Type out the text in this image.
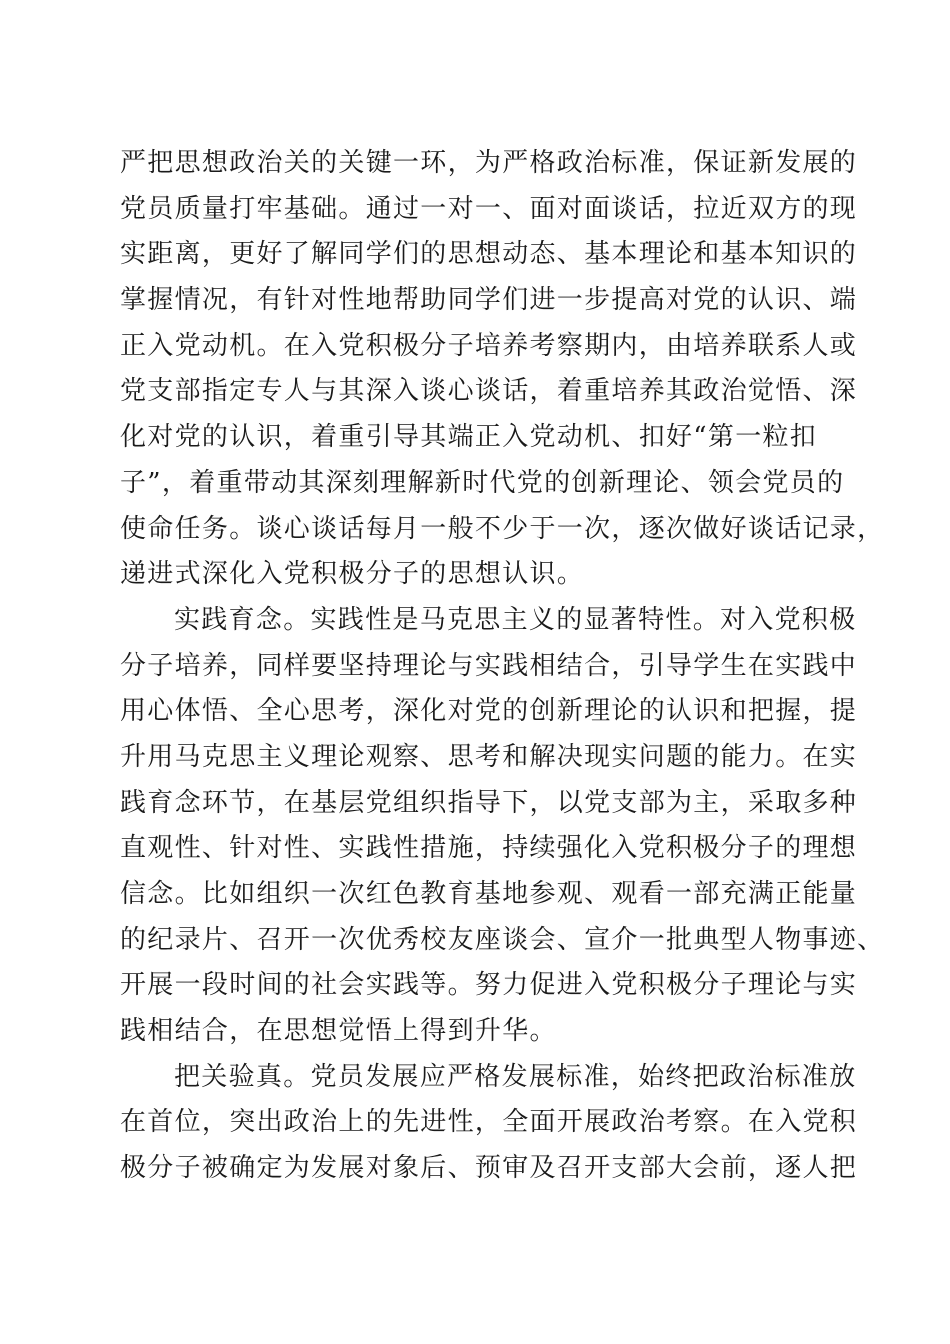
严把思想政治关的关键一环，为严格政治标准，保证新发展的
党员质量打牢基础。通过一对一、面对面谈话，拉近双方的现
实距离，更好了解同学们的思想动态、基本理论和基本知识的
掌握情况，有针对性地帮助同学们进一步提高对党的认识、端
正入党动机。在入党积极分子培养考察期内，由培养联系人或
党支部指定专人与其深入谈心谈话，着重培养其政治觉悟、深
化对党的认识，着重引导其端正入党动机、扣好“第一粒扣
子”，着重带动其深刻理解新时代党的创新理论、领会党员的
使命任务。谈心谈话每月一般不少于一次，逐次做好谈话记录，
递进式深化入党积极分子的思想认识。
实践育念。实践性是马克思主义的显著特性。对入党积极
分子培养，同样要坚持理论与实践相结合，引导学生在实践中
用心体悟、全心思考，深化对党的创新理论的认识和把握，提
升用马克思主义理论观察、思考和解决现实问题的能力。在实
践育念环节，在基层党组织指导下，以党支部为主，采取多种
直观性、针对性、实践性措施，持续强化入党积极分子的理想
信念。比如组织一次红色教育基地参观、观看一部充满正能量
的纪录片、召开一次优秀校友座谈会、宣介一批典型人物事迹、
开展一段时间的社会实践等。努力促进入党积极分子理论与实
践相结合，在思想觉悟上得到升华。
把关验真。党员发展应严格发展标准，始终把政治标准放
在首位，突出政治上的先进性，全面开展政治考察。在入党积
极分子被确定为发展对象后、预审及召开支部大会前，逐人把
